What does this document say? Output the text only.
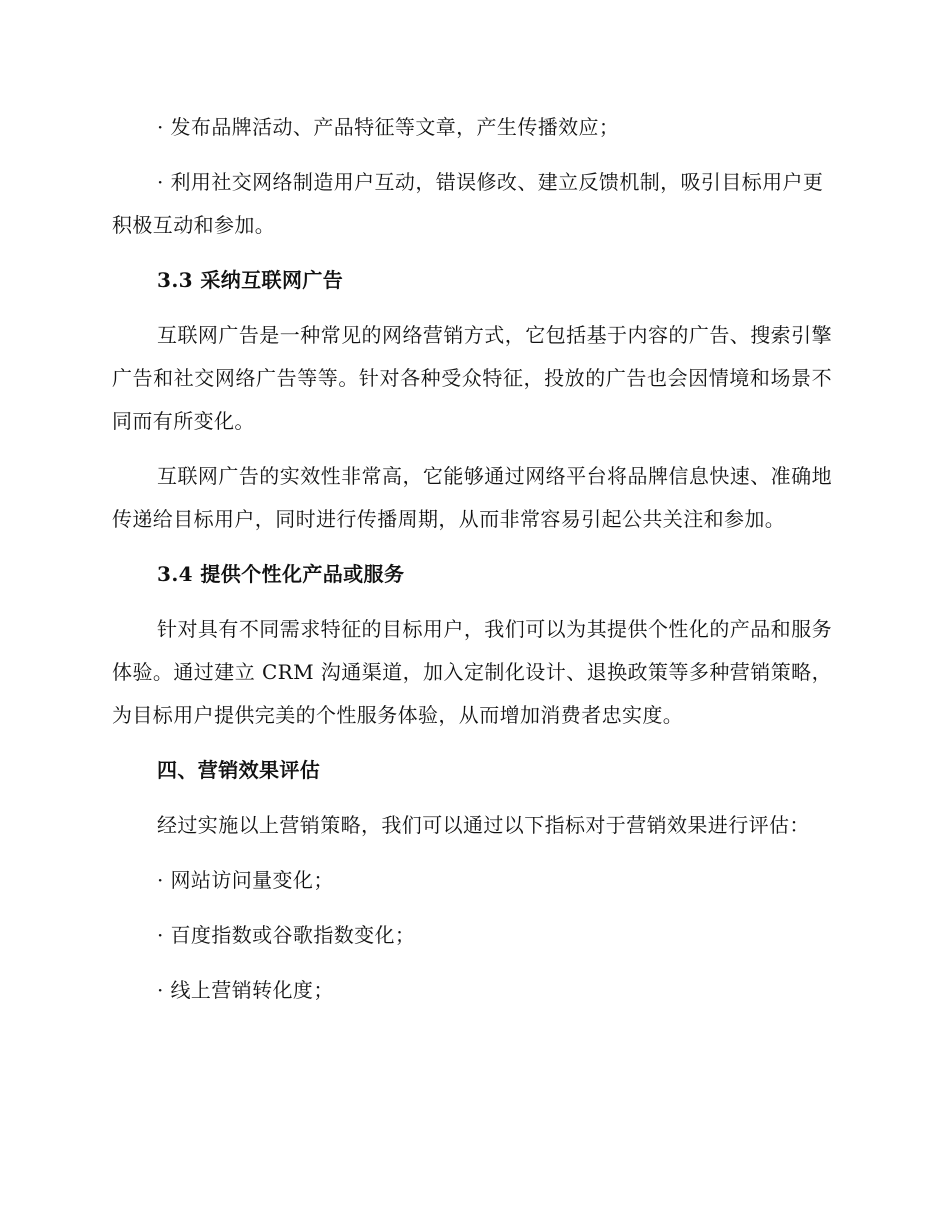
· 发布品牌活动、产品特征等文章，产生传播效应；

· 利用社交网络制造用户互动，错误修改、建立反馈机制，吸引目标用户更积极互动和参加。

3.3 采纳互联网广告

互联网广告是一种常见的网络营销方式，它包括基于内容的广告、搜索引擎广告和社交网络广告等等。针对各种受众特征，投放的广告也会因情境和场景不同而有所变化。

互联网广告的实效性非常高，它能够通过网络平台将品牌信息快速、准确地传递给目标用户，同时进行传播周期，从而非常容易引起公共关注和参加。

3.4 提供个性化产品或服务

针对具有不同需求特征的目标用户，我们可以为其提供个性化的产品和服务体验。通过建立 CRM 沟通渠道，加入定制化设计、退换政策等多种营销策略，为目标用户提供完美的个性服务体验，从而增加消费者忠实度。

四、营销效果评估

经过实施以上营销策略，我们可以通过以下指标对于营销效果进行评估：

· 网站访问量变化；

· 百度指数或谷歌指数变化；

· 线上营销转化度；
